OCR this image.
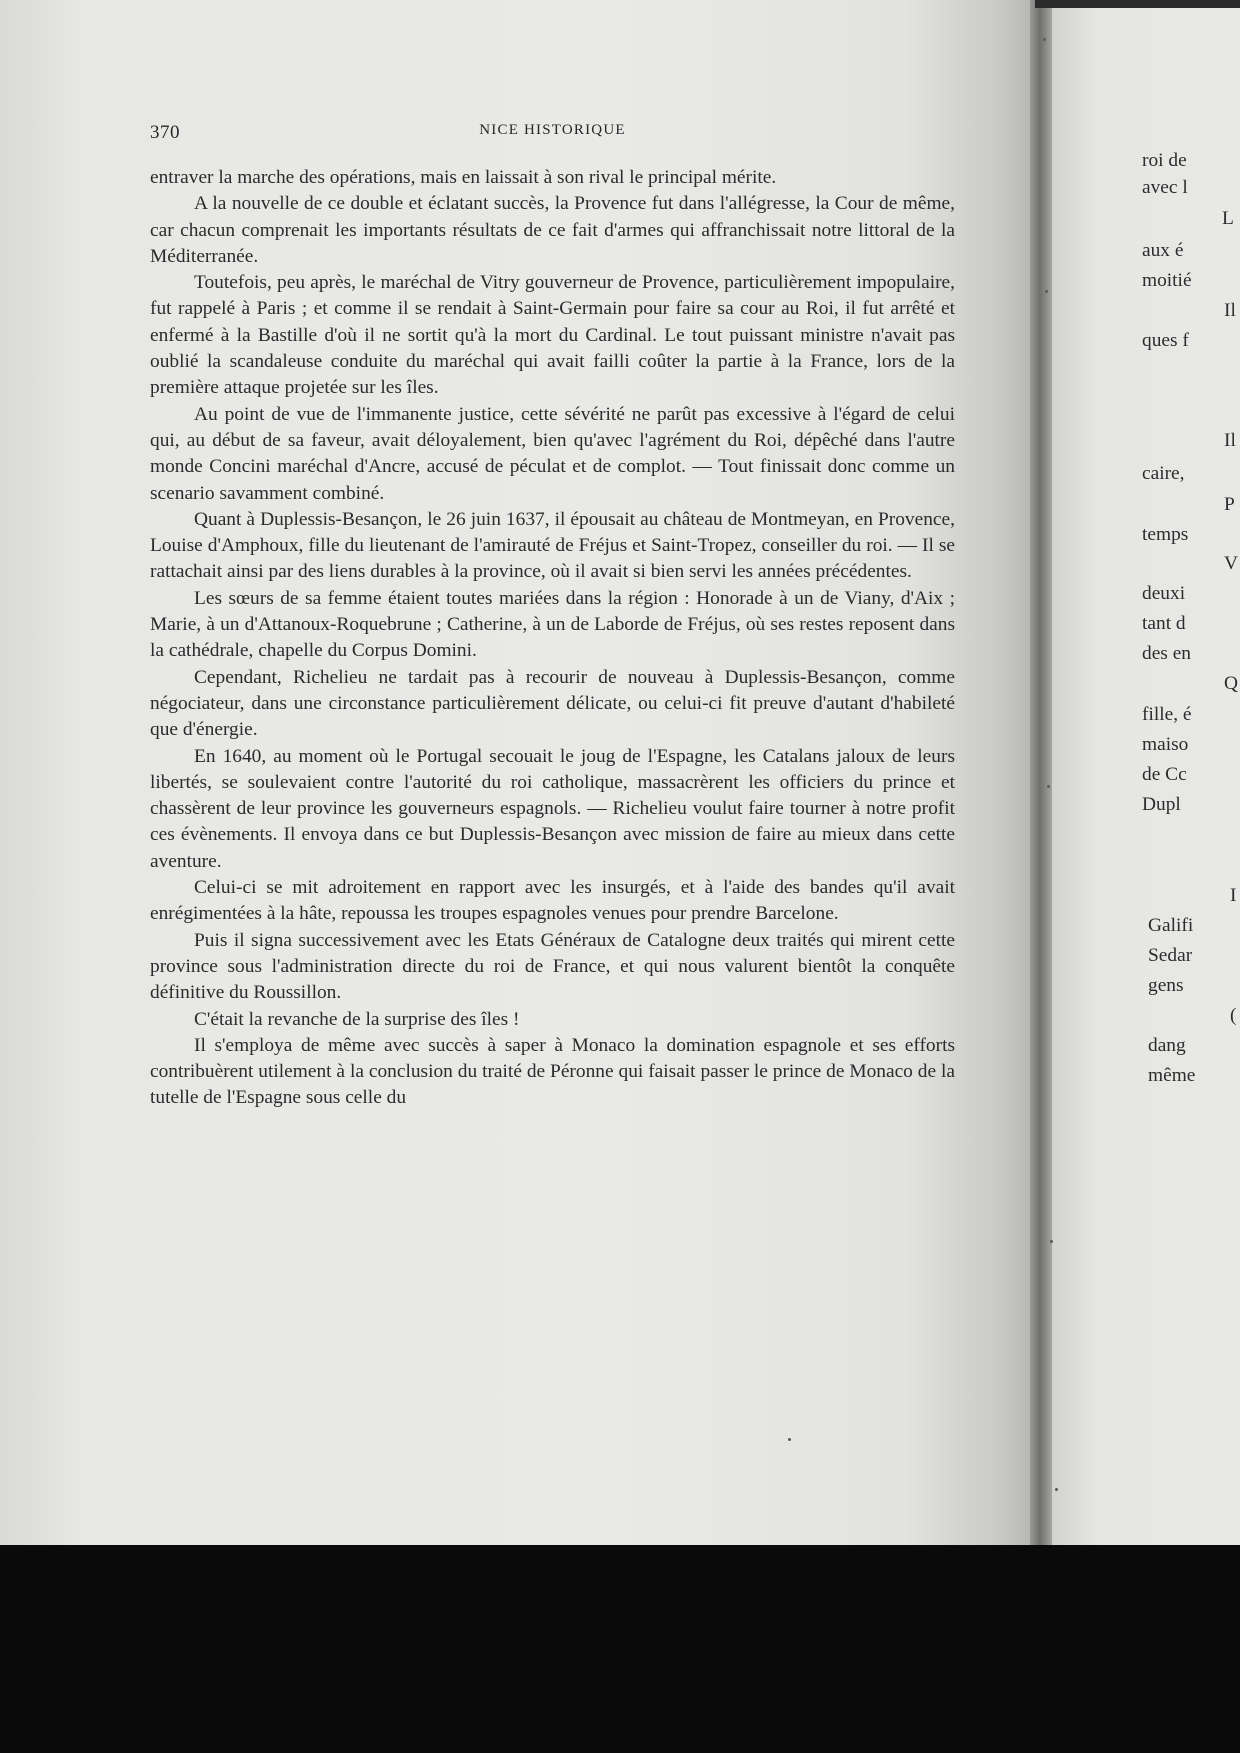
370	NICE HISTORIQUE

entraver la marche des opérations, mais en laissait à son rival le principal mérite.

A la nouvelle de ce double et éclatant succès, la Provence fut dans l'allégresse, la Cour de même, car chacun comprenait les importants résultats de ce fait d'armes qui affranchissait notre littoral de la Méditerranée.

Toutefois, peu après, le maréchal de Vitry gouverneur de Provence, particulièrement impopulaire, fut rappelé à Paris ; et comme il se rendait à Saint-Germain pour faire sa cour au Roi, il fut arrêté et enfermé à la Bastille d'où il ne sortit qu'à la mort du Cardinal. Le tout puissant ministre n'avait pas oublié la scandaleuse conduite du maréchal qui avait failli coûter la partie à la France, lors de la première attaque projetée sur les îles.

Au point de vue de l'immanente justice, cette sévérité ne parût pas excessive à l'égard de celui qui, au début de sa faveur, avait déloyalement, bien qu'avec l'agrément du Roi, dépêché dans l'autre monde Concini maréchal d'Ancre, accusé de péculat et de complot. — Tout finissait donc comme un scenario savamment combiné.

Quant à Duplessis-Besançon, le 26 juin 1637, il épousait au château de Montmeyan, en Provence, Louise d'Amphoux, fille du lieutenant de l'amirauté de Fréjus et Saint-Tropez, conseiller du roi. — Il se rattachait ainsi par des liens durables à la province, où il avait si bien servi les années précédentes.

Les sœurs de sa femme étaient toutes mariées dans la région : Honorade à un de Viany, d'Aix ; Marie, à un d'Attanoux-Roquebrune ; Catherine, à un de Laborde de Fréjus, où ses restes reposent dans la cathédrale, chapelle du Corpus Domini.

Cependant, Richelieu ne tardait pas à recourir de nouveau à Duplessis-Besançon, comme négociateur, dans une circonstance particulièrement délicate, ou celui-ci fit preuve d'autant d'habileté que d'énergie.

En 1640, au moment où le Portugal secouait le joug de l'Espagne, les Catalans jaloux de leurs libertés, se soulevaient contre l'autorité du roi catholique, massacrèrent les officiers du prince et chassèrent de leur province les gouverneurs espagnols. — Richelieu voulut faire tourner à notre profit ces évènements. Il envoya dans ce but Duplessis-Besançon avec mission de faire au mieux dans cette aventure.

Celui-ci se mit adroitement en rapport avec les insurgés, et à l'aide des bandes qu'il avait enrégimentées à la hâte, repoussa les troupes espagnoles venues pour prendre Barcelone.

Puis il signa successivement avec les Etats Généraux de Catalogne deux traités qui mirent cette province sous l'administration directe du roi de France, et qui nous valurent bientôt la conquête définitive du Roussillon.

C'était la revanche de la surprise des îles !

Il s'employa de même avec succès à saper à Monaco la domination espagnole et ses efforts contribuèrent utilement à la conclusion du traité de Péronne qui faisait passer le prince de Monaco de la tutelle de l'Espagne sous celle du

roi de
avec l
L
aux é
moitié
Il
ques f
Il
caire,
P
temps
V
deuxi
tant d
des en
Q
fille, é
maiso
de Cc
Dupl
I
Galifi
Sedar
gens
(
dang
même
